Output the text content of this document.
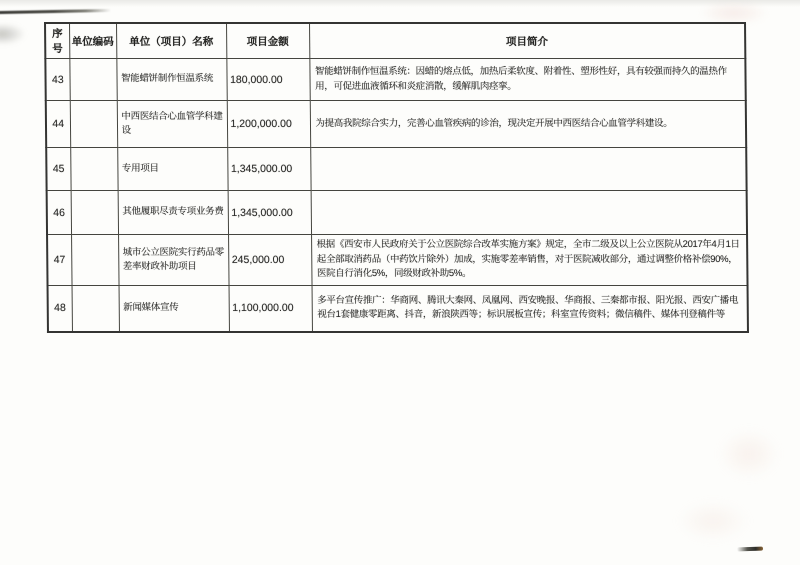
序号	单位编码	单位（项目）名称	项目金额	项目简介
43		智能蜡饼制作恒温系统	180,000.00	智能蜡饼制作恒温系统：因蜡的熔点低，加热后柔软度、附着性、塑形性好，具有较强而持久的温热作用，可促进血液循环和炎症消散，缓解肌肉痉挛。
44		中西医结合心血管学科建设	1,200,000.00	为提高我院综合实力，完善心血管疾病的诊治，现决定开展中西医结合心血管学科建设。
45		专用项目	1,345,000.00	
46		其他履职尽责专项业务费	1,345,000.00	
47		城市公立医院实行药品零差率财政补助项目	245,000.00	根据《西安市人民政府关于公立医院综合改革实施方案》规定，全市二级及以上公立医院从2017年4月1日起全部取消药品（中药饮片除外）加成，实施零差率销售，对于医院减收部分，通过调整价格补偿90%，医院自行消化5%，同级财政补助5%。
48		新闻媒体宣传	1,100,000.00	多平台宣传推广：华商网、腾讯大秦网、凤凰网、西安晚报、华商报、三秦都市报、阳光报、西安广播电视台1套健康零距离、抖音，新浪陕西等；标识展板宣传；科室宣传资料；微信稿件、媒体刊登稿件等
